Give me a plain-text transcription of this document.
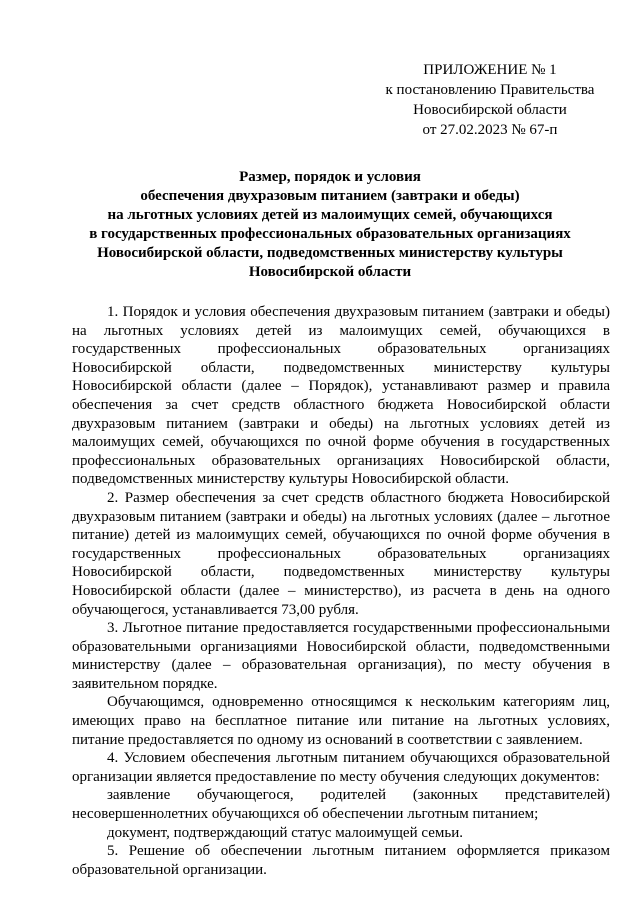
ПРИЛОЖЕНИЕ № 1
к постановлению Правительства
Новосибирской области
от 27.02.2023 № 67-п
Размер, порядок и условия
обеспечения двухразовым питанием (завтраки и обеды)
на льготных условиях детей из малоимущих семей, обучающихся
в государственных профессиональных образовательных организациях
Новосибирской области, подведомственных министерству культуры
Новосибирской области

1. Порядок и условия обеспечения двухразовым питанием (завтраки и обеды) на льготных условиях детей из малоимущих семей, обучающихся в государственных профессиональных образовательных организациях Новосибирской области, подведомственных министерству культуры Новосибирской области (далее – Порядок), устанавливают размер и правила обеспечения за счет средств областного бюджета Новосибирской области двухразовым питанием (завтраки и обеды) на льготных условиях детей из малоимущих семей, обучающихся по очной форме обучения в государственных профессиональных образовательных организациях Новосибирской области, подведомственных министерству культуры Новосибирской области.

2. Размер обеспечения за счет средств областного бюджета Новосибирской двухразовым питанием (завтраки и обеды) на льготных условиях (далее – льготное питание) детей из малоимущих семей, обучающихся по очной форме обучения в государственных профессиональных образовательных организациях Новосибирской области, подведомственных министерству культуры Новосибирской области (далее – министерство), из расчета в день на одного обучающегося, устанавливается 73,00 рубля.

3. Льготное питание предоставляется государственными профессиональными образовательными организациями Новосибирской области, подведомственными министерству (далее – образовательная организация), по месту обучения в заявительном порядке.

Обучающимся, одновременно относящимся к нескольким категориям лиц, имеющих право на бесплатное питание или питание на льготных условиях, питание предоставляется по одному из оснований в соответствии с заявлением.

4. Условием обеспечения льготным питанием обучающихся образовательной организации является предоставление по месту обучения следующих документов:

заявление обучающегося, родителей (законных представителей) несовершеннолетних обучающихся об обеспечении льготным питанием;

документ, подтверждающий статус малоимущей семьи.

5. Решение об обеспечении льготным питанием оформляется приказом образовательной организации.
